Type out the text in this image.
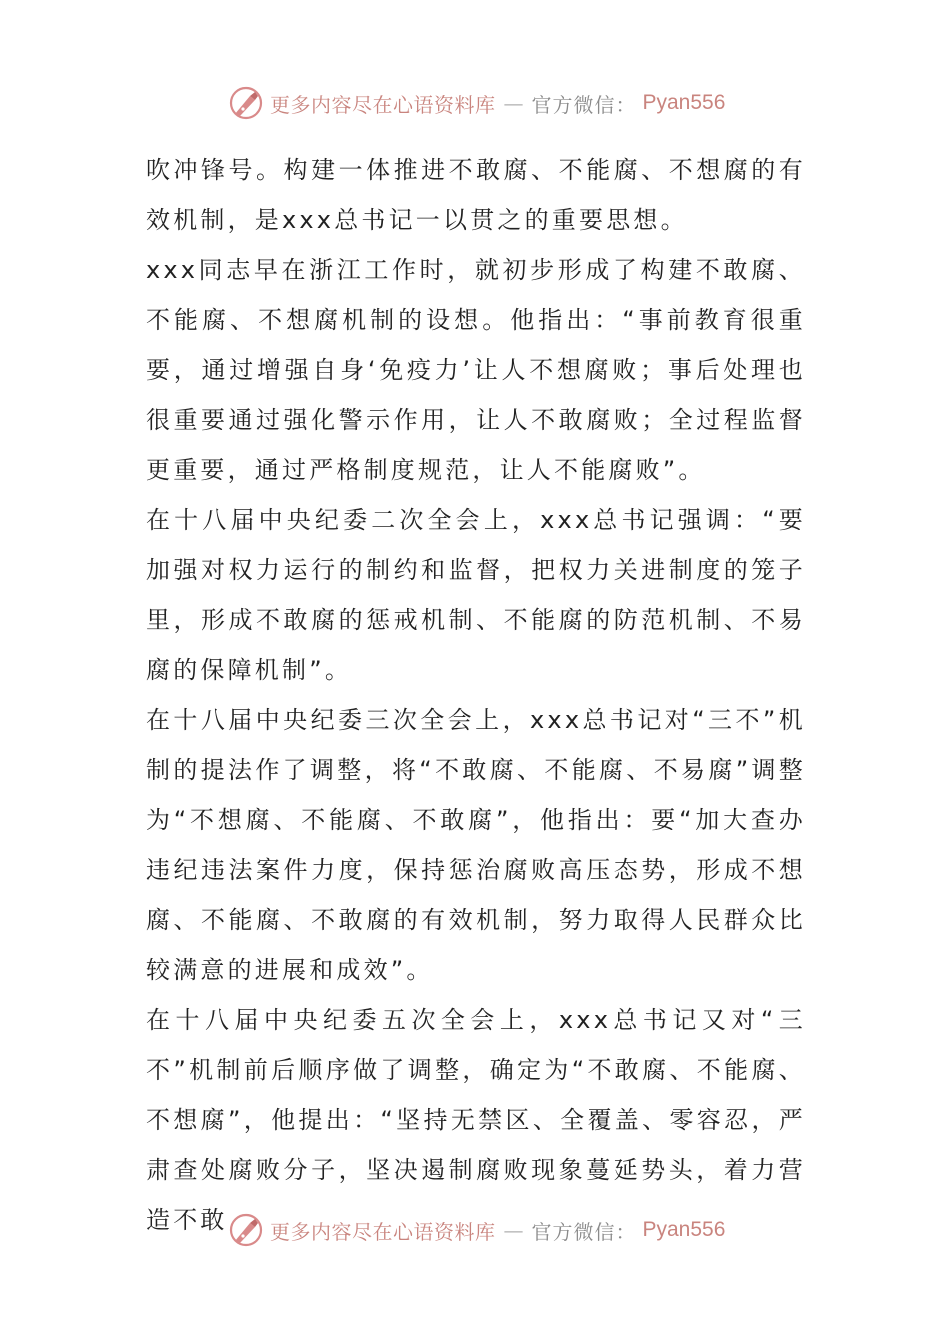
更多内容尽在心语资料库 — 官方微信： Pyan556

吹冲锋号。构建一体推进不敢腐、不能腐、不想腐的有效机制，是xxx总书记一以贯之的重要思想。

xxx同志早在浙江工作时，就初步形成了构建不敢腐、不能腐、不想腐机制的设想。他指出：“事前教育很重要，通过增强自身‘免疫力’让人不想腐败；事后处理也很重要通过强化警示作用，让人不敢腐败；全过程监督更重要，通过严格制度规范，让人不能腐败”。

在十八届中央纪委二次全会上，xxx总书记强调：“要加强对权力运行的制约和监督，把权力关进制度的笼子里，形成不敢腐的惩戒机制、不能腐的防范机制、不易腐的保障机制”。

在十八届中央纪委三次全会上，xxx总书记对“三不”机制的提法作了调整，将“不敢腐、不能腐、不易腐”调整为“不想腐、不能腐、不敢腐”，他指出：要“加大查办违纪违法案件力度，保持惩治腐败高压态势，形成不想腐、不能腐、不敢腐的有效机制，努力取得人民群众比较满意的进展和成效”。

在十八届中央纪委五次全会上，xxx总书记又对“三不”机制前后顺序做了调整，确定为“不敢腐、不能腐、不想腐”，他提出：“坚持无禁区、全覆盖、零容忍，严肃查处腐败分子，坚决遏制腐败现象蔓延势头，着力营造不敢	更多内容尽在心语资料库 — 官方微信： Pyan556
